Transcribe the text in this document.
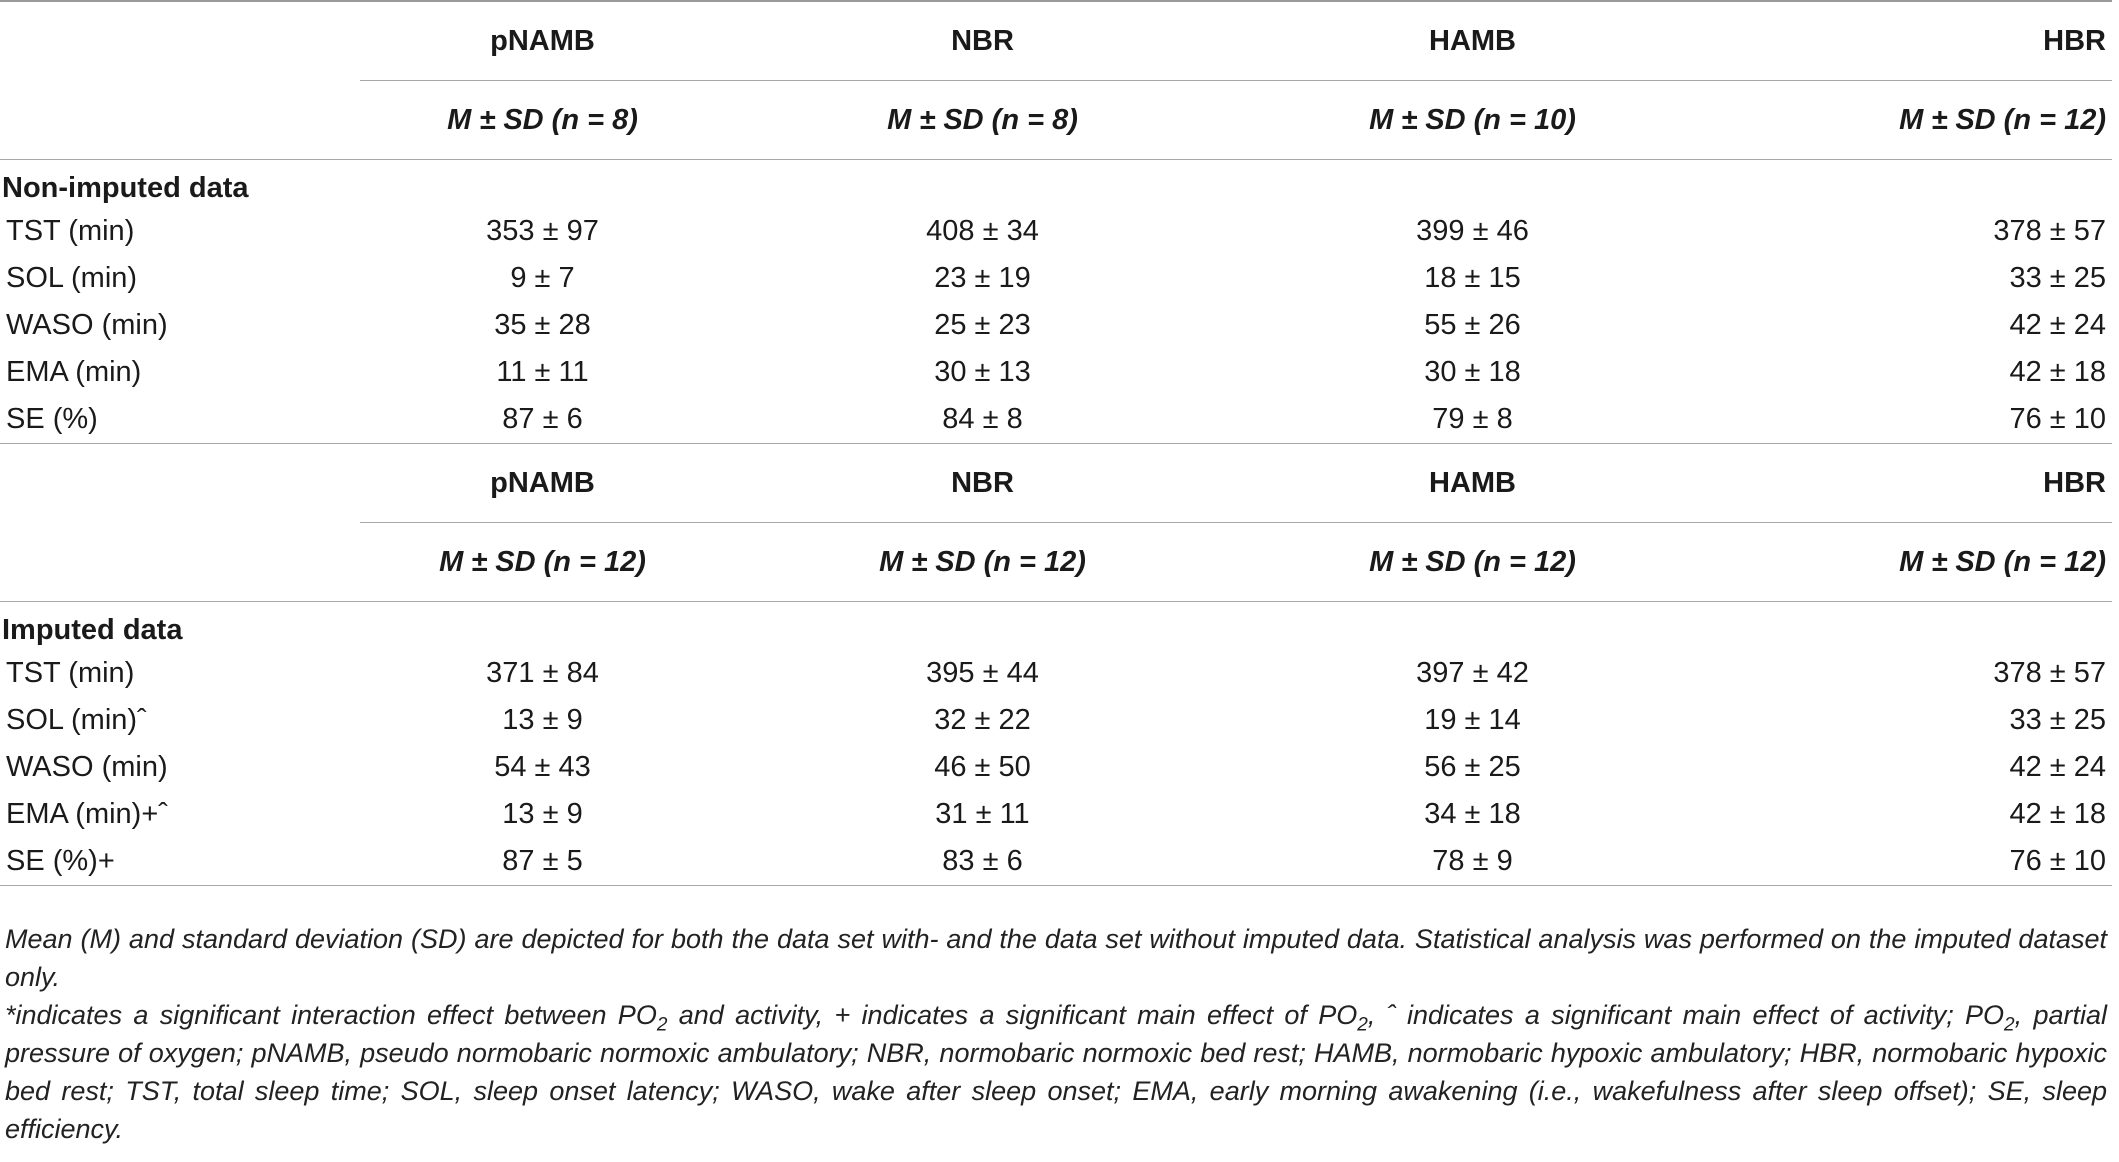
	pNAMB	NBR	HAMB	HBR
	M ± SD (n = 8)	M ± SD (n = 8)	M ± SD (n = 10)	M ± SD (n = 12)
Non-imputed data				
TST (min)	353 ± 97	408 ± 34	399 ± 46	378 ± 57
SOL (min)	9 ± 7	23 ± 19	18 ± 15	33 ± 25
WASO (min)	35 ± 28	25 ± 23	55 ± 26	42 ± 24
EMA (min)	11 ± 11	30 ± 13	30 ± 18	42 ± 18
SE (%)	87 ± 6	84 ± 8	79 ± 8	76 ± 10

	pNAMB	NBR	HAMB	HBR
	M ± SD (n = 12)	M ± SD (n = 12)	M ± SD (n = 12)	M ± SD (n = 12)
Imputed data				
TST (min)	371 ± 84	395 ± 44	397 ± 42	378 ± 57
SOL (min)ˆ	13 ± 9	32 ± 22	19 ± 14	33 ± 25
WASO (min)	54 ± 43	46 ± 50	56 ± 25	42 ± 24
EMA (min)+ˆ	13 ± 9	31 ± 11	34 ± 18	42 ± 18
SE (%)+	87 ± 5	83 ± 6	78 ± 9	76 ± 10

Mean (M) and standard deviation (SD) are depicted for both the data set with- and the data set without imputed data. Statistical analysis was performed on the imputed dataset only.

*indicates a significant interaction effect between $PO_2$ and activity, + indicates a significant main effect of $PO_2$, ˆ indicates a significant main effect of activity; $PO_2$, partial pressure of oxygen; pNAMB, pseudo normobaric normoxic ambulatory; NBR, normobaric normoxic bed rest; HAMB, normobaric hypoxic ambulatory; HBR, normobaric hypoxic bed rest; TST, total sleep time; SOL, sleep onset latency; WASO, wake after sleep onset; EMA, early morning awakening (i.e., wakefulness after sleep offset); SE, sleep efficiency.
